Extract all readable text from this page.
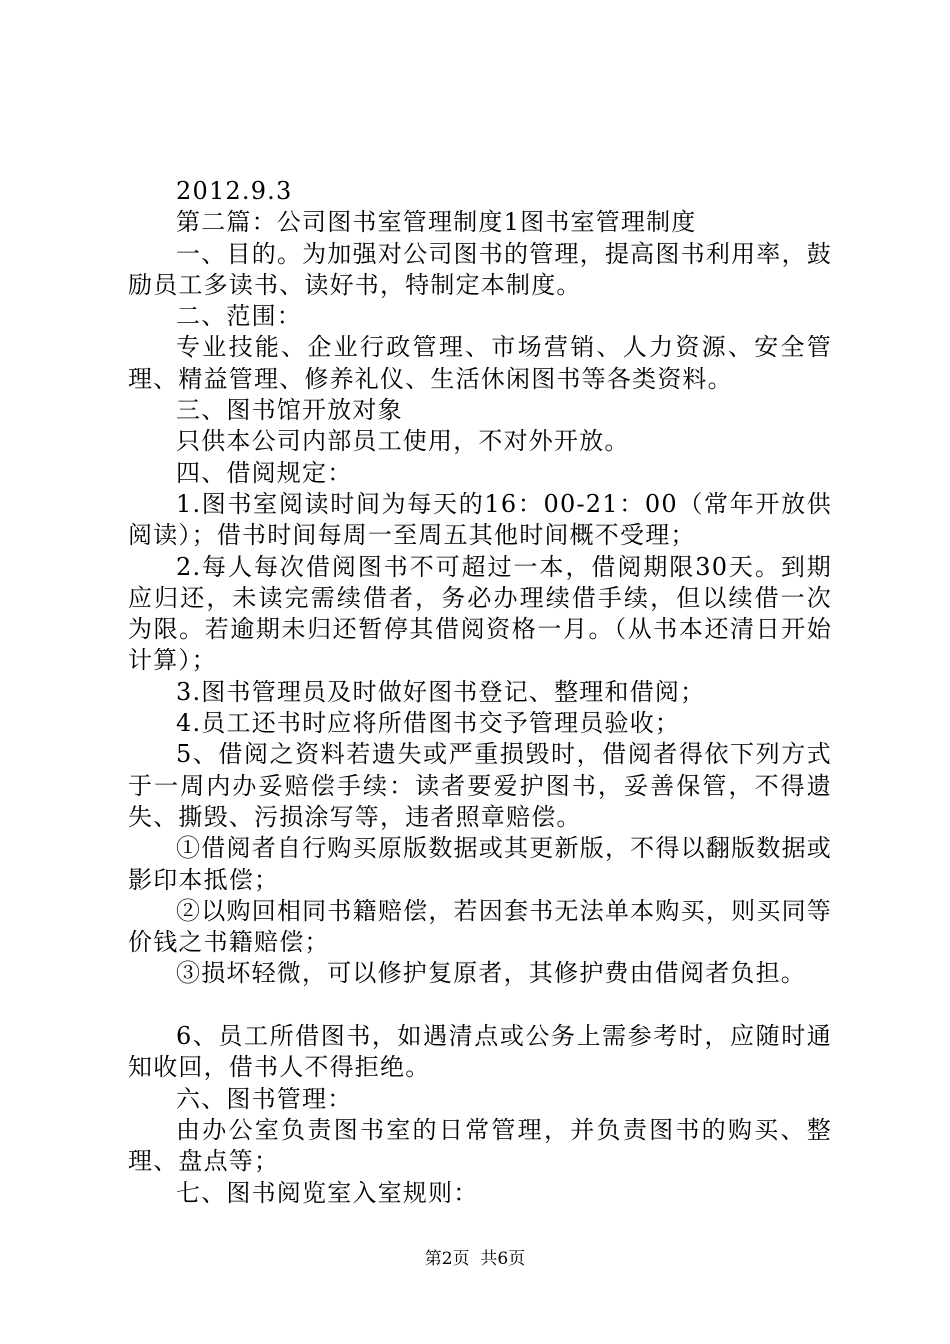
2012.9.3

第二篇：公司图书室管理制度1图书室管理制度

一、目的。为加强对公司图书的管理，提高图书利用率，鼓励员工多读书、读好书，特制定本制度。

二、范围：

专业技能、企业行政管理、市场营销、人力资源、安全管理、精益管理、修养礼仪、生活休闲图书等各类资料。

三、图书馆开放对象

只供本公司内部员工使用，不对外开放。

四、借阅规定：

1.图书室阅读时间为每天的16：00-21：00（常年开放供阅读）；借书时间每周一至周五其他时间概不受理；

2.每人每次借阅图书不可超过一本，借阅期限30天。到期应归还，未读完需续借者，务必办理续借手续，但以续借一次为限。若逾期未归还暂停其借阅资格一月。（从书本还清日开始计算）；

3.图书管理员及时做好图书登记、整理和借阅；

4.员工还书时应将所借图书交予管理员验收；

5、借阅之资料若遗失或严重损毁时，借阅者得依下列方式于一周内办妥赔偿手续：读者要爱护图书，妥善保管，不得遗失、撕毁、污损涂写等，违者照章赔偿。

①借阅者自行购买原版数据或其更新版，不得以翻版数据或影印本抵偿；

②以购回相同书籍赔偿，若因套书无法单本购买，则买同等价钱之书籍赔偿；

③损坏轻微，可以修护复原者，其修护费由借阅者负担。

6、员工所借图书，如遇清点或公务上需参考时，应随时通知收回，借书人不得拒绝。

六、图书管理：

由办公室负责图书室的日常管理，并负责图书的购买、整理、盘点等；

七、图书阅览室入室规则：

第2页 共6页
